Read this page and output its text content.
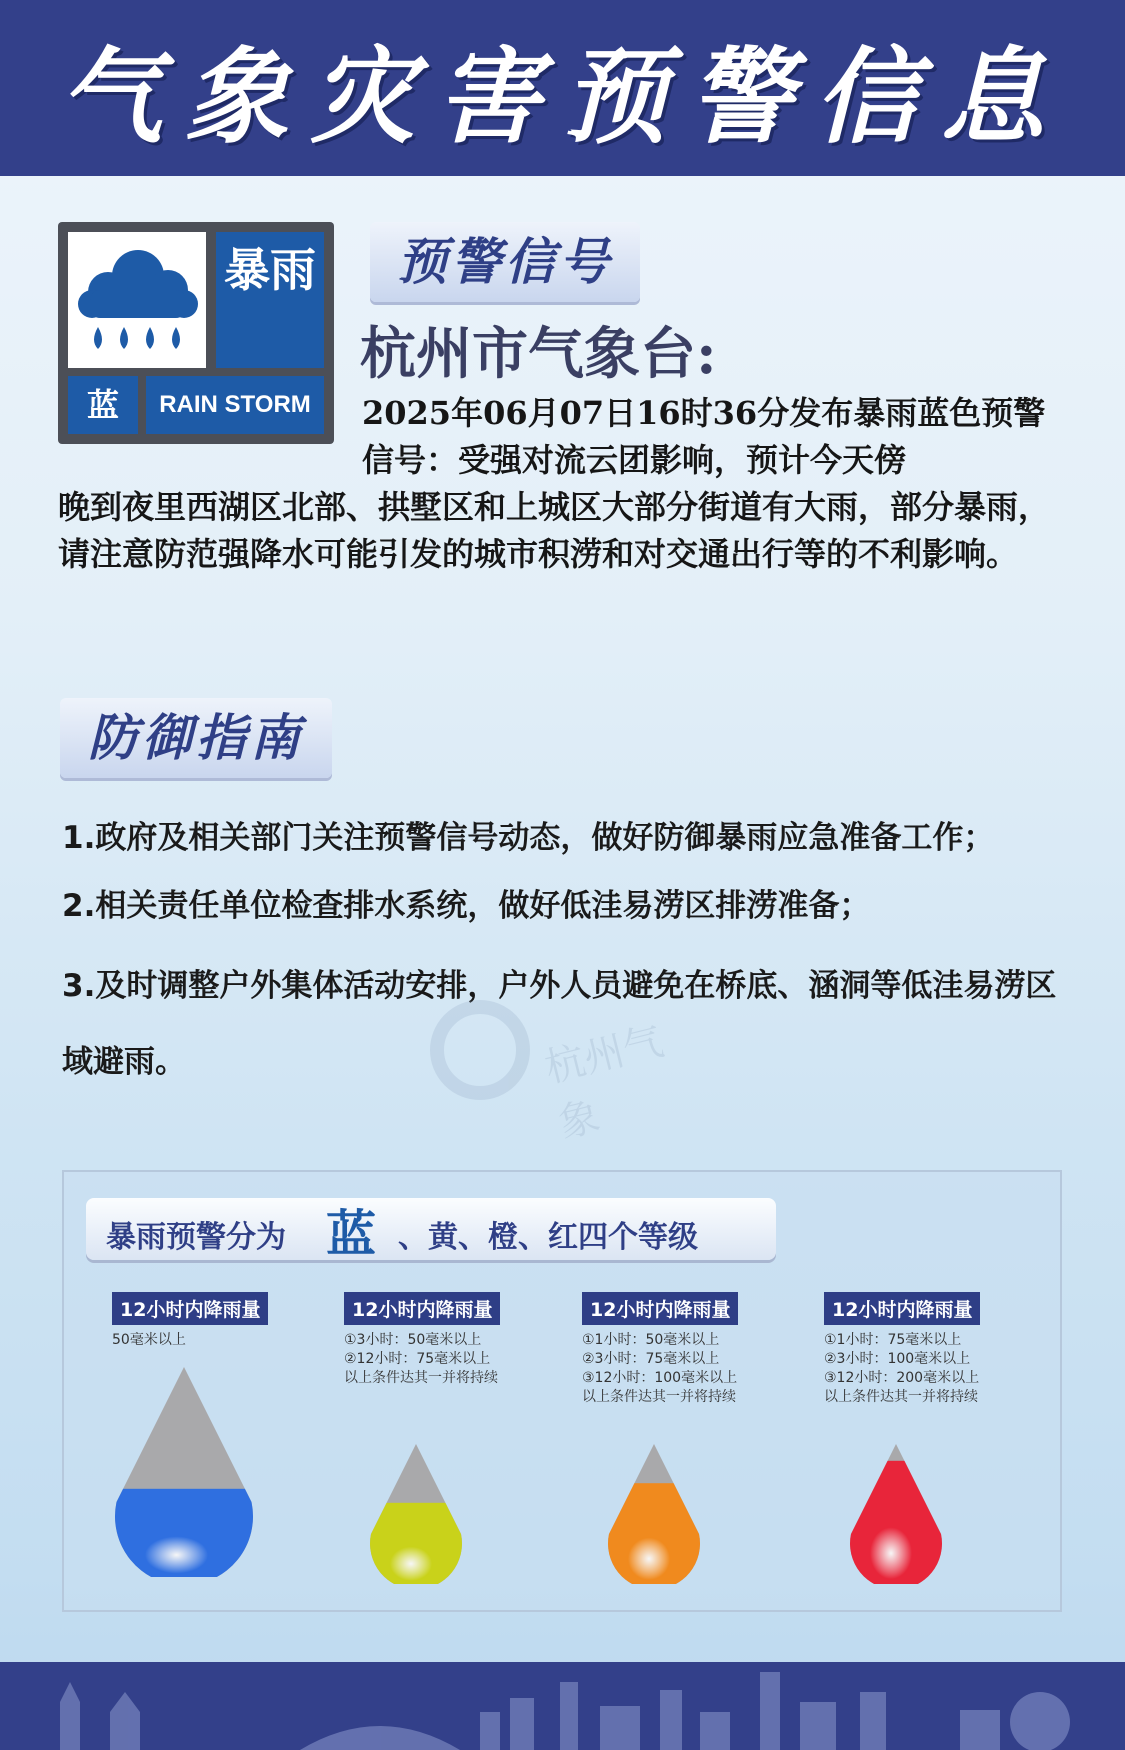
气象灾害预警信息
暴雨
蓝	RAIN STORM
预警信号
杭州市气象台:
2025年06月07日16时36分发布暴雨蓝色预警信号：受强对流云团影响，预计今天傍
晚到夜里西湖区北部、拱墅区和上城区大部分街道有大雨，部分暴雨，请注意防范强降水可能引发的城市积涝和对交通出行等的不利影响。
防御指南
1.政府及相关部门关注预警信号动态，做好防御暴雨应急准备工作；
2.相关责任单位检查排水系统，做好低洼易涝区排涝准备；
3.及时调整户外集体活动安排，户外人员避免在桥底、涵洞等低洼易涝区域避雨。	杭州气象
暴雨预警分为 蓝 、黄、橙、红四个等级
12小时内降雨量
50毫米以上
12小时内降雨量
①3小时：50毫米以上
②12小时：75毫米以上
以上条件达其一并将持续
12小时内降雨量
①1小时：50毫米以上
②3小时：75毫米以上
③12小时：100毫米以上
以上条件达其一并将持续
12小时内降雨量
①1小时：75毫米以上
②3小时：100毫米以上
③12小时：200毫米以上
以上条件达其一并将持续
